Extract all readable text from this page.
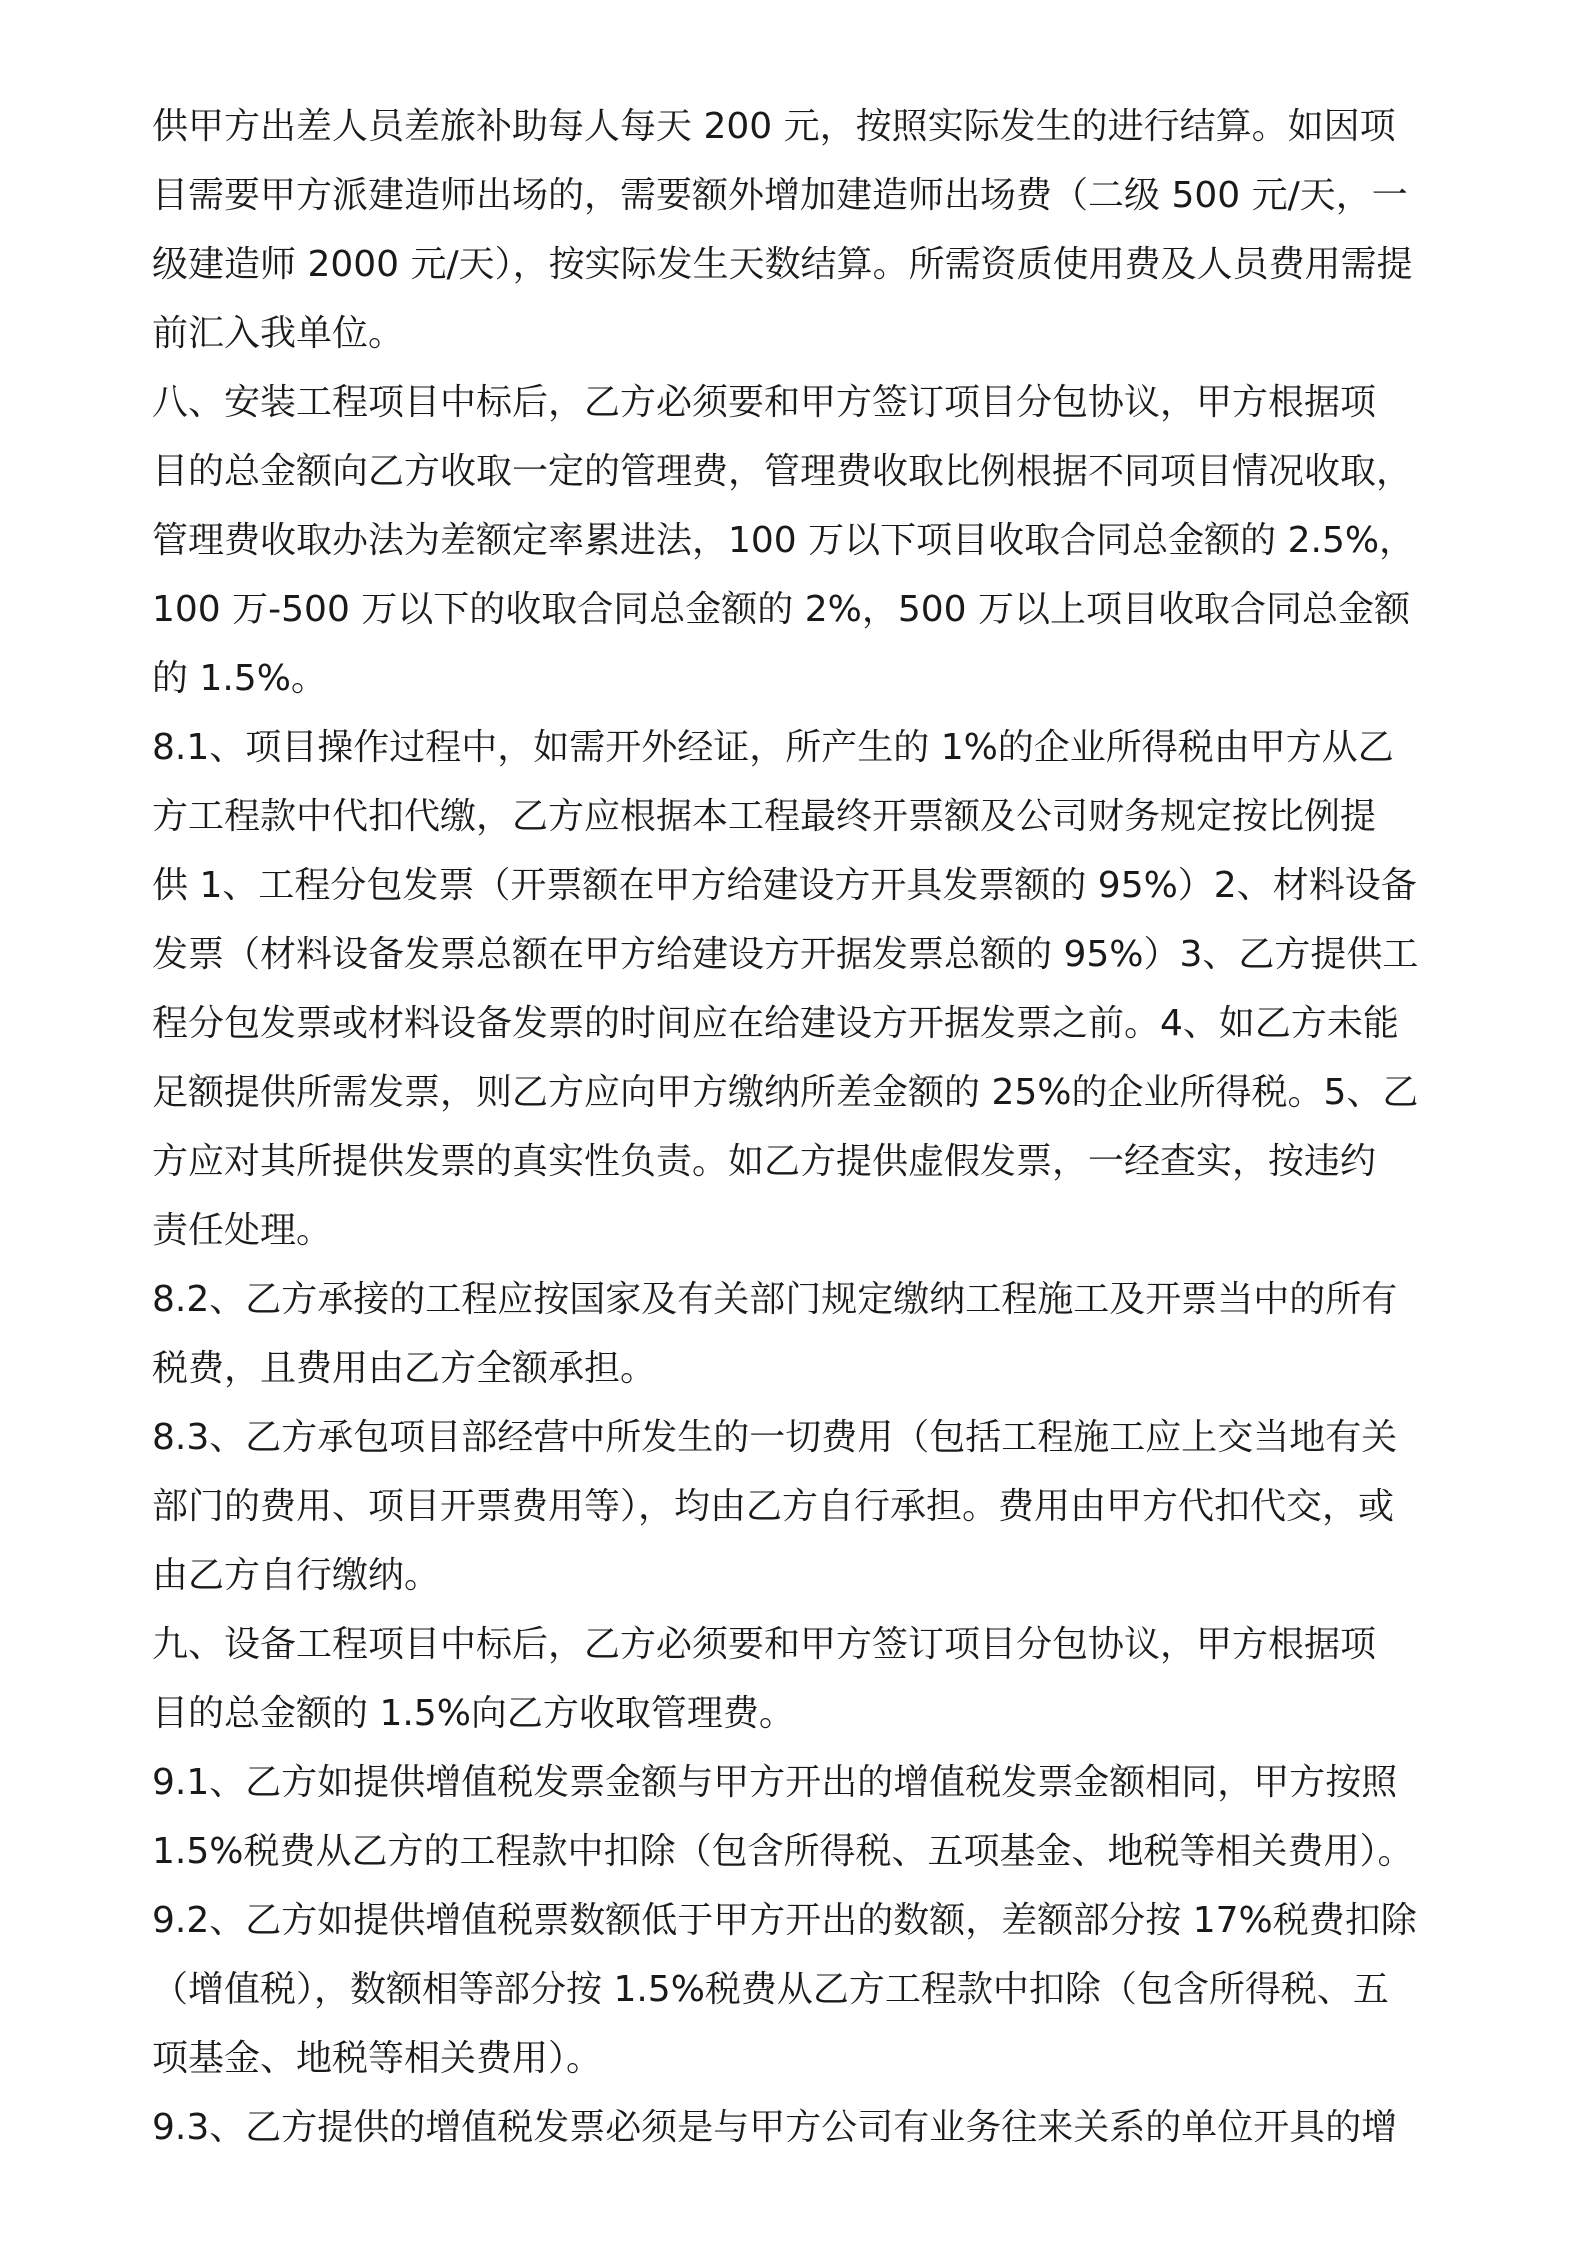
供甲方出差人员差旅补助每人每天 200 元，按照实际发生的进行结算。如因项
目需要甲方派建造师出场的，需要额外增加建造师出场费（二级 500 元/天，一
级建造师 2000 元/天），按实际发生天数结算。所需资质使用费及人员费用需提
前汇入我单位。
八、安装工程项目中标后，乙方必须要和甲方签订项目分包协议，甲方根据项
目的总金额向乙方收取一定的管理费，管理费收取比例根据不同项目情况收取，
管理费收取办法为差额定率累进法，100 万以下项目收取合同总金额的 2.5%，
100 万-500 万以下的收取合同总金额的 2%，500 万以上项目收取合同总金额
的 1.5%。
8.1、项目操作过程中，如需开外经证，所产生的 1%的企业所得税由甲方从乙
方工程款中代扣代缴，乙方应根据本工程最终开票额及公司财务规定按比例提
供 1、工程分包发票（开票额在甲方给建设方开具发票额的 95%）2、材料设备
发票（材料设备发票总额在甲方给建设方开据发票总额的 95%）3、乙方提供工
程分包发票或材料设备发票的时间应在给建设方开据发票之前。4、如乙方未能
足额提供所需发票，则乙方应向甲方缴纳所差金额的 25%的企业所得税。5、乙
方应对其所提供发票的真实性负责。如乙方提供虚假发票，一经查实，按违约
责任处理。
8.2、乙方承接的工程应按国家及有关部门规定缴纳工程施工及开票当中的所有
税费，且费用由乙方全额承担。
8.3、乙方承包项目部经营中所发生的一切费用（包括工程施工应上交当地有关
部门的费用、项目开票费用等），均由乙方自行承担。费用由甲方代扣代交，或
由乙方自行缴纳。
九、设备工程项目中标后，乙方必须要和甲方签订项目分包协议，甲方根据项
目的总金额的 1.5%向乙方收取管理费。
9.1、乙方如提供增值税发票金额与甲方开出的增值税发票金额相同，甲方按照
1.5%税费从乙方的工程款中扣除（包含所得税、五项基金、地税等相关费用）。
9.2、乙方如提供增值税票数额低于甲方开出的数额，差额部分按 17%税费扣除
（增值税），数额相等部分按 1.5%税费从乙方工程款中扣除（包含所得税、五
项基金、地税等相关费用）。
9.3、乙方提供的增值税发票必须是与甲方公司有业务往来关系的单位开具的增
